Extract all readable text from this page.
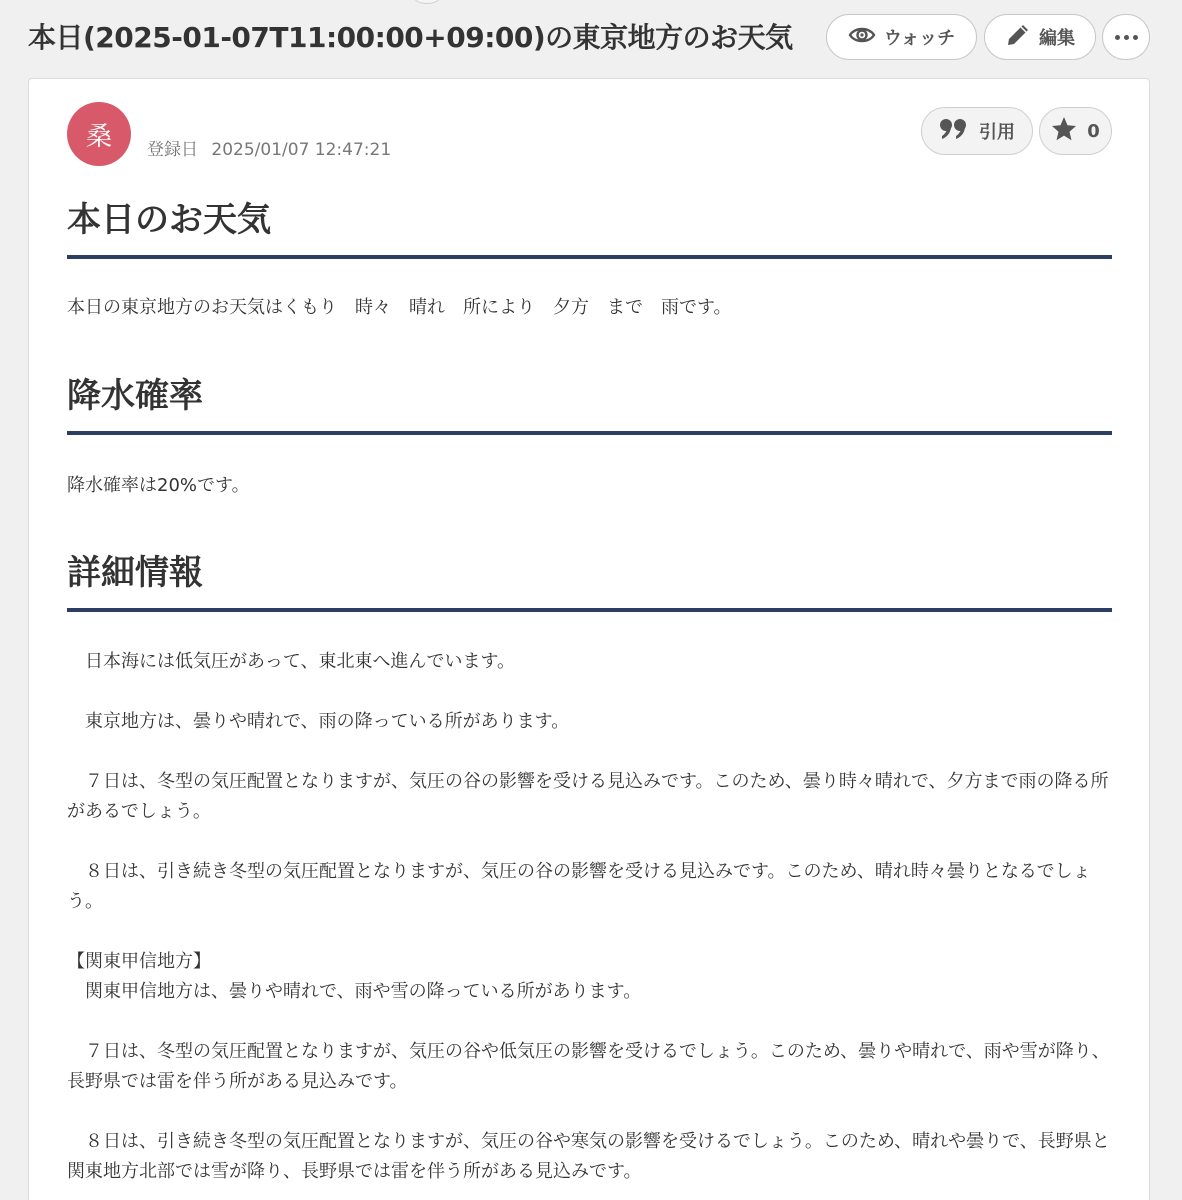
本日(2025-01-07T11:00:00+09:00)の東京地方のお天気	ウォッチ	編集
桑	登録日 2025/01/07 12:47:21
引用	0
本日のお天気

本日の東京地方のお天気はくもり　時々　晴れ　所により　夕方　まで　雨です。

降水確率

降水確率は20%です。

詳細情報

　日本海には低気圧があって、東北東へ進んでいます。

　東京地方は、曇りや晴れで、雨の降っている所があります。

　７日は、冬型の気圧配置となりますが、気圧の谷の影響を受ける見込みです。このため、曇り時々晴れで、夕方まで雨の降る所があるでしょう。

　８日は、引き続き冬型の気圧配置となりますが、気圧の谷の影響を受ける見込みです。このため、晴れ時々曇りとなるでしょう。

【関東甲信地方】
　関東甲信地方は、曇りや晴れで、雨や雪の降っている所があります。

　７日は、冬型の気圧配置となりますが、気圧の谷や低気圧の影響を受けるでしょう。このため、曇りや晴れで、雨や雪が降り、長野県では雷を伴う所がある見込みです。

　８日は、引き続き冬型の気圧配置となりますが、気圧の谷や寒気の影響を受けるでしょう。このため、晴れや曇りで、長野県と関東地方北部では雪が降り、長野県では雷を伴う所がある見込みです。
